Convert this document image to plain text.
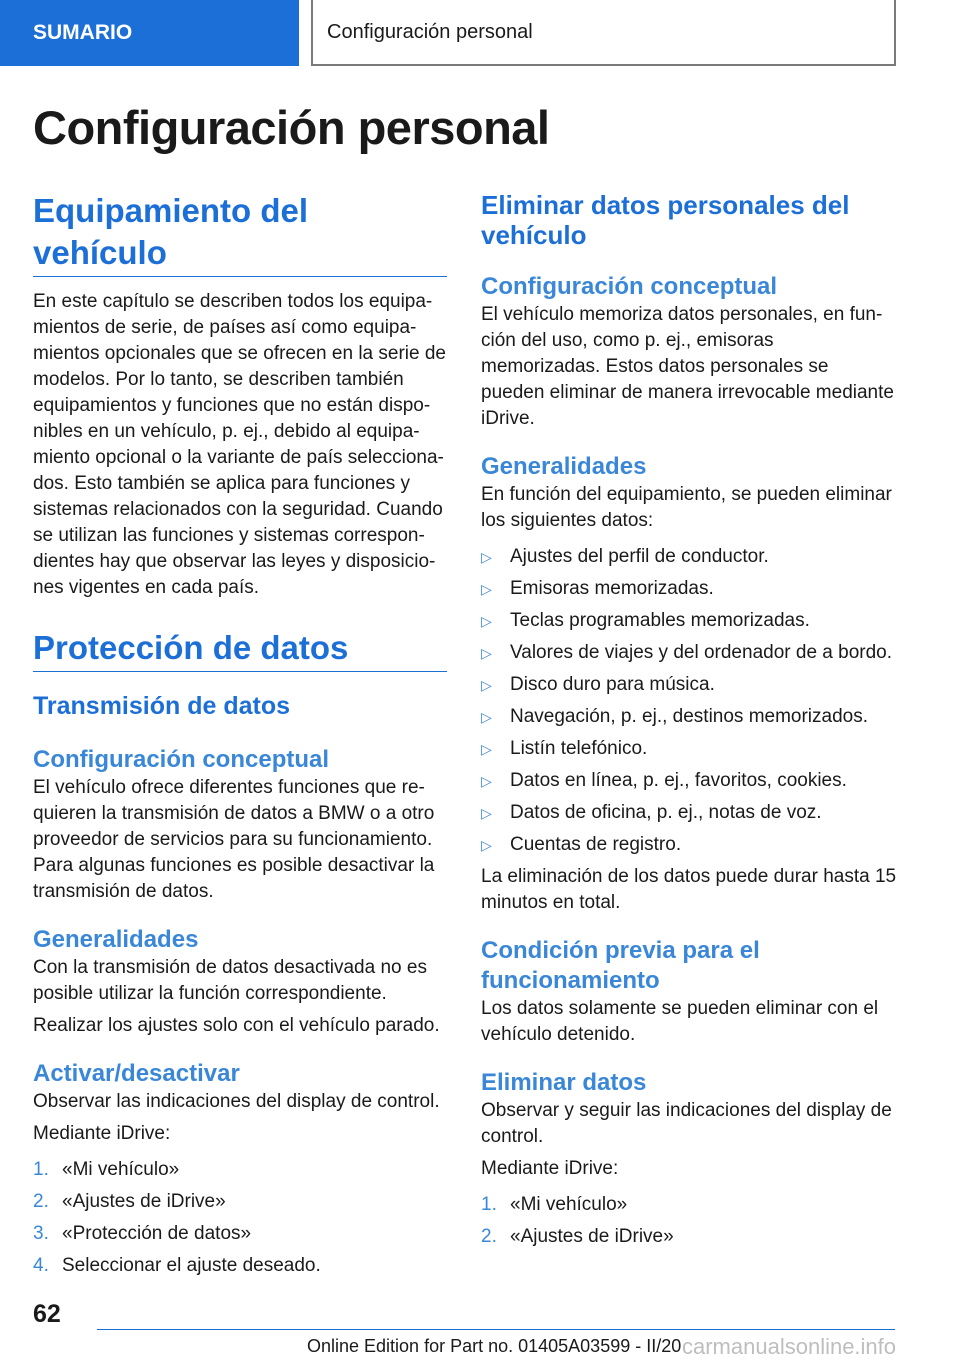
SUMARIO	Configuración personal
Configuración personal
Equipamiento del vehículo

En este capítulo se describen todos los equipa-mientos de serie, de países así como equipa-mientos opcionales que se ofrecen en la serie de modelos. Por lo tanto, se describen también equipamientos y funciones que no están dispo-nibles en un vehículo, p. ej., debido al equipa-miento opcional o la variante de país selecciona-dos. Esto también se aplica para funciones y sistemas relacionados con la seguridad. Cuando se utilizan las funciones y sistemas correspon-dientes hay que observar las leyes y disposicio-nes vigentes en cada país.

Protección de datos
Transmisión de datos
Configuración conceptual

El vehículo ofrece diferentes funciones que re-quieren la transmisión de datos a BMW o a otro proveedor de servicios para su funcionamiento. Para algunas funciones es posible desactivar la transmisión de datos.

Generalidades

Con la transmisión de datos desactivada no es posible utilizar la función correspondiente.

Realizar los ajustes solo con el vehículo parado.

Activar/desactivar

Observar las indicaciones del display de control.

Mediante iDrive:

1. «Mi vehículo»
2. «Ajustes de iDrive»
3. «Protección de datos»
4. Seleccionar el ajuste deseado.
Eliminar datos personales del vehículo
Configuración conceptual

El vehículo memoriza datos personales, en fun-ción del uso, como p. ej., emisoras memorizadas. Estos datos personales se pueden eliminar de manera irrevocable mediante iDrive.

Generalidades

En función del equipamiento, se pueden eliminar los siguientes datos:

▷ Ajustes del perfil de conductor.
▷ Emisoras memorizadas.
▷ Teclas programables memorizadas.
▷ Valores de viajes y del ordenador de a bordo.
▷ Disco duro para música.
▷ Navegación, p. ej., destinos memorizados.
▷ Listín telefónico.
▷ Datos en línea, p. ej., favoritos, cookies.
▷ Datos de oficina, p. ej., notas de voz.
▷ Cuentas de registro.

La eliminación de los datos puede durar hasta 15 minutos en total.

Condición previa para el funcionamiento

Los datos solamente se pueden eliminar con el vehículo detenido.

Eliminar datos

Observar y seguir las indicaciones del display de control.

Mediante iDrive:

1. «Mi vehículo»
2. «Ajustes de iDrive»
62
Online Edition for Part no. 01405A03599 - II/20 carmanualsonline.info
